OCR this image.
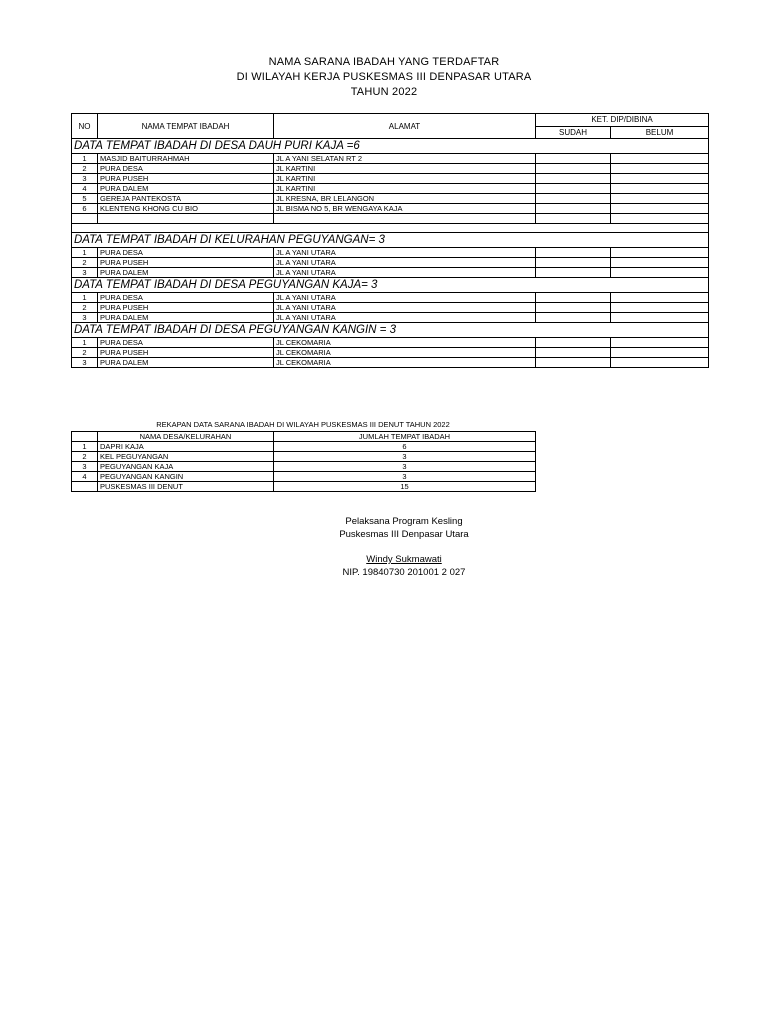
NAMA SARANA IBADAH YANG TERDAFTAR
DI WILAYAH KERJA PUSKESMAS III DENPASAR UTARA
TAHUN 2022
NO	NAMA TEMPAT IBADAH	ALAMAT	KET. DIP/DIBINA	
			SUDAH	BELUM
DATA TEMPAT IBADAH DI DESA DAUH PURI KAJA =6				
1	MASJID BAITURRAHMAH	JL A YANI SELATAN RT 2		
2	PURA DESA	JL KARTINI		
3	PURA PUSEH	JL KARTINI		
4	PURA DALEM	JL KARTINI		
5	GEREJA PANTEKOSTA	JL KRESNA, BR LELANGON		
6	KLENTENG KHONG CU BIO	JL BISMA NO 5, BR WENGAYA KAJA		

DATA TEMPAT IBADAH DI KELURAHAN PEGUYANGAN= 3				
1	PURA DESA	JL A YANI UTARA		
2	PURA PUSEH	JL A YANI UTARA		
3	PURA DALEM	JL A YANI UTARA		
DATA TEMPAT IBADAH DI DESA PEGUYANGAN KAJA= 3				
1	PURA DESA	JL A YANI UTARA		
2	PURA PUSEH	JL A YANI UTARA		
3	PURA DALEM	JL A YANI UTARA		
DATA TEMPAT IBADAH DI DESA PEGUYANGAN KANGIN = 3				
1	PURA DESA	JL CEKOMARIA		
2	PURA PUSEH	JL CEKOMARIA		
3	PURA DALEM	JL CEKOMARIA		
REKAPAN DATA SARANA IBADAH DI WILAYAH PUSKESMAS III DENUT TAHUN 2022
	NAMA DESA/KELURAHAN	JUMLAH TEMPAT IBADAH
1	DAPRI KAJA	6
2	KEL PEGUYANGAN	3
3	PEGUYANGAN KAJA	3
4	PEGUYANGAN KANGIN	3
	PUSKESMAS III DENUT	15
Pelaksana Program Kesling
Puskesmas III Denpasar Utara
Windy Sukmawati
NIP. 19840730 201001 2 027
